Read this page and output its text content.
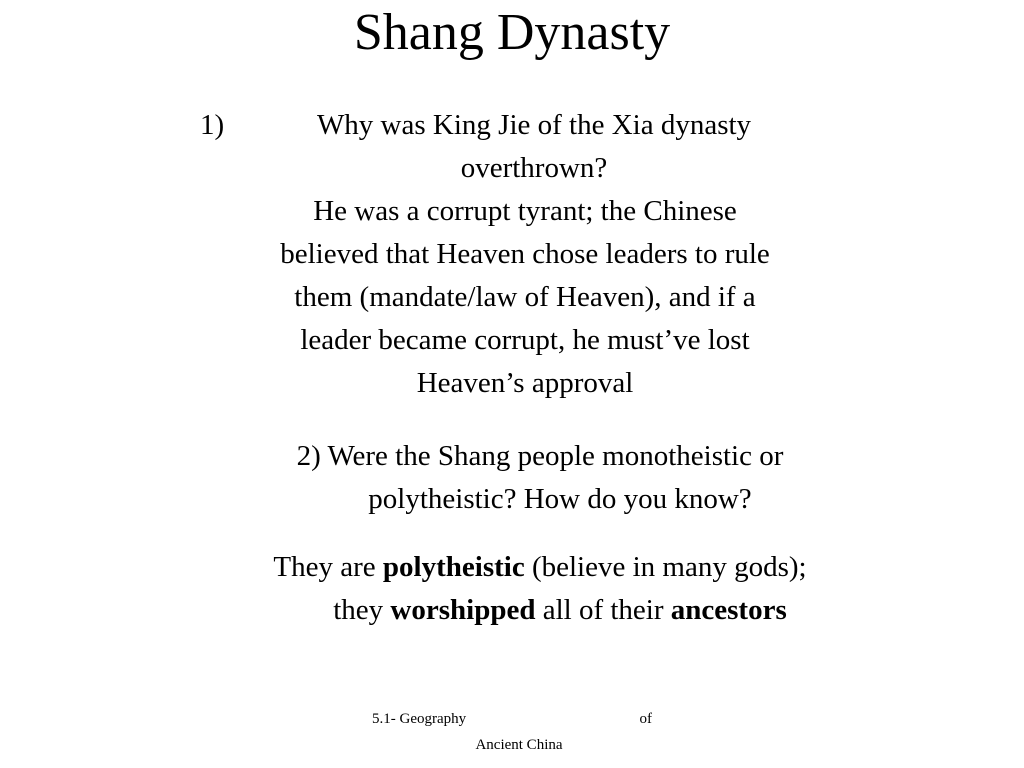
Shang Dynasty
1)	Why was King Jie of the Xia dynasty
overthrown?
He was a corrupt tyrant; the Chinese
believed that Heaven chose leaders to rule
them (mandate/law of Heaven), and if a
leader became corrupt, he must’ve lost
Heaven’s approval
2) Were the Shang people monotheistic or
polytheistic? How do you know?
They are polytheistic (believe in many gods);
they worshipped all of their ancestors
5.1- Geography	of
Ancient China
